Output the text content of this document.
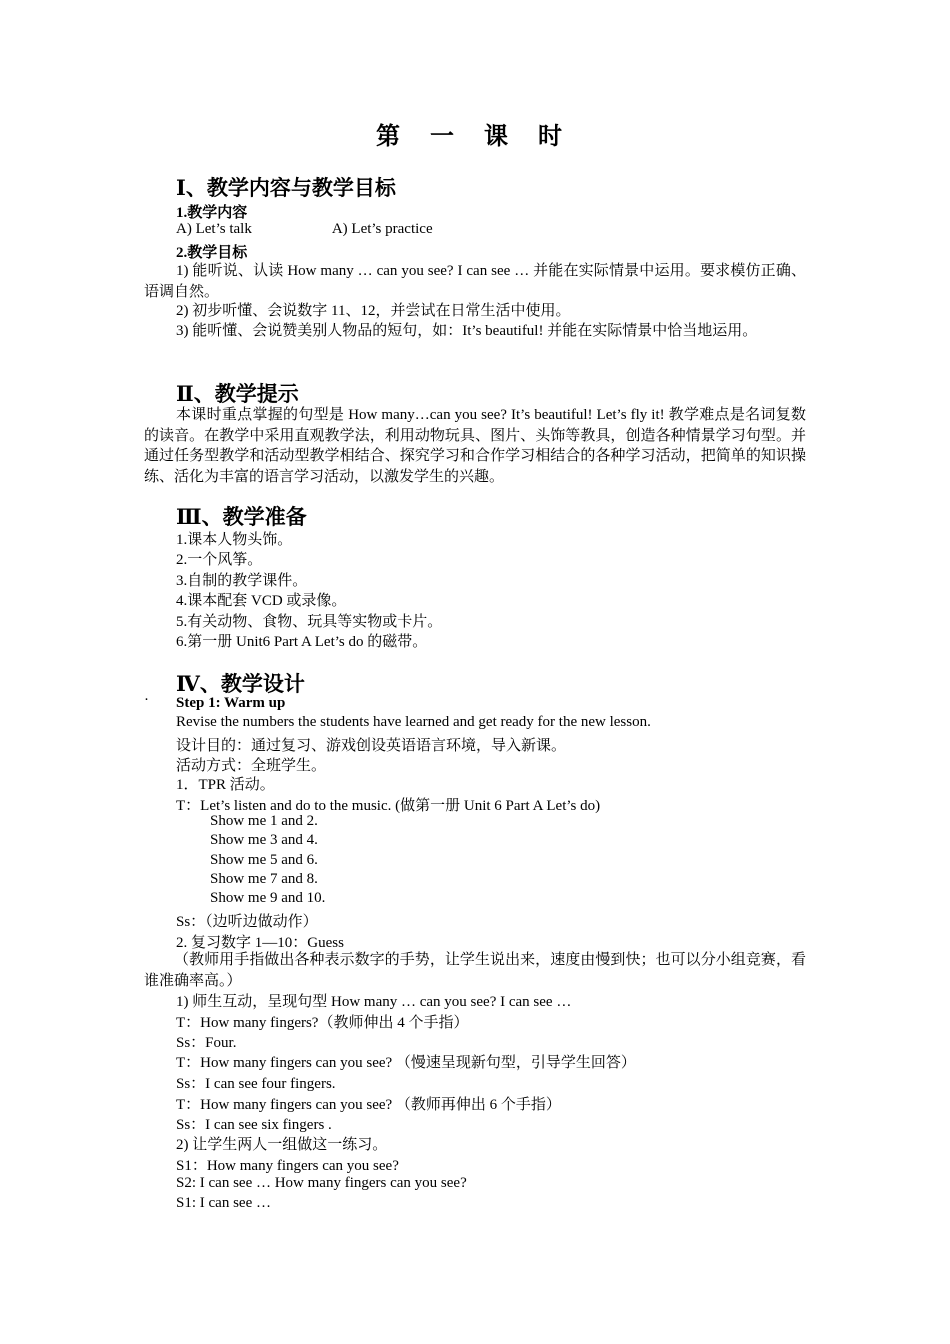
第 一 课 时
Ⅰ、教学内容与教学目标
1.教学内容
A) Let’s talk	A) Let’s practice
2.教学目标
1) 能听说、认读 How many … can you see? I can see … 并能在实际情景中运用。要求模仿正确、语调自然。
2) 初步听懂、会说数字 11、12，并尝试在日常生活中使用。
3) 能听懂、会说赞美别人物品的短句，如：It’s beautiful! 并能在实际情景中恰当地运用。
Ⅱ、教学提示
本课时重点掌握的句型是 How many…can you see? It’s beautiful! Let’s fly it! 教学难点是名词复数的读音。在教学中采用直观教学法，利用动物玩具、图片、头饰等教具，创造各种情景学习句型。并通过任务型教学和活动型教学相结合、探究学习和合作学习相结合的各种学习活动，把简单的知识操练、活化为丰富的语言学习活动，以激发学生的兴趣。
Ⅲ、教学准备
1.课本人物头饰。
2.一个风筝。
3.自制的教学课件。
4.课本配套 VCD 或录像。
5.有关动物、食物、玩具等实物或卡片。
6.第一册 Unit6 Part A Let’s do 的磁带。
Ⅳ、教学设计
· Step 1: Warm up
Revise the numbers the students have learned and get ready for the new lesson.
设计目的：通过复习、游戏创设英语语言环境，导入新课。
活动方式：全班学生。
1．TPR 活动。
T：Let’s listen and do to the music. (做第一册 Unit 6 Part A Let’s do)
Show me 1 and 2.
Show me 3 and 4.
Show me 5 and 6.
Show me 7 and 8.
Show me 9 and 10.
Ss：（边听边做动作）
2. 复习数字 1—10：Guess
（教师用手指做出各种表示数字的手势，让学生说出来，速度由慢到快；也可以分小组竞赛，看谁准确率高。）
1) 师生互动，呈现句型 How many … can you see? I can see …
T：How many fingers?（教师伸出 4 个手指）
Ss：Four.
T：How many fingers can you see? （慢速呈现新句型，引导学生回答）
Ss：I can see four fingers.
T：How many fingers can you see? （教师再伸出 6 个手指）
Ss：I can see six fingers .
2) 让学生两人一组做这一练习。
S1：How many fingers can you see?
S2: I can see … How many fingers can you see?
S1: I can see …
